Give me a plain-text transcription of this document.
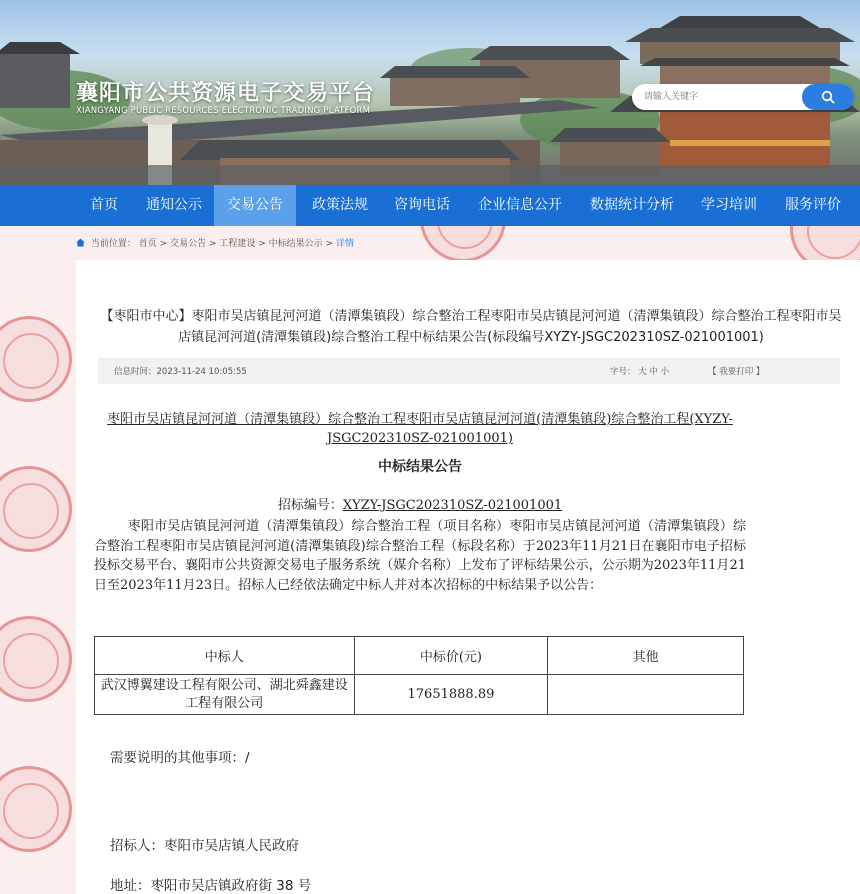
襄阳市公共资源电子交易平台
XIANGYANG PUBLIC RESOURCES ELECTRONIC TRADING PLATFORM
请输入关键字
首页	通知公示	交易公告	政策法规	咨询电话	企业信息公开	数据统计分析	学习培训	服务评价
当前位置： 首页 > 交易公告 > 工程建设 > 中标结果公示 > 详情
【枣阳市中心】枣阳市吴店镇昆河河道（清潭集镇段）综合整治工程枣阳市吴店镇昆河河道（清潭集镇段）综合整治工程枣阳市吴店镇昆河河道(清潭集镇段)综合整治工程中标结果公告(标段编号XYZY-JSGC202310SZ-021001001)
信息时间：2023-11-24 10:05:55	字号： 大 中 小	【 我要打印 】
枣阳市吴店镇昆河河道（清潭集镇段）综合整治工程枣阳市吴店镇昆河河道(清潭集镇段)综合整治工程(XYZY-JSGC202310SZ-021001001)
中标结果公告
招标编号：XYZY-JSGC202310SZ-021001001
枣阳市吴店镇昆河河道（清潭集镇段）综合整治工程（项目名称）枣阳市吴店镇昆河河道（清潭集镇段）综合整治工程枣阳市吴店镇昆河河道(清潭集镇段)综合整治工程（标段名称）于2023年11月21日在襄阳市电子招标投标交易平台、襄阳市公共资源交易电子服务系统（媒介名称）上发布了评标结果公示，公示期为2023年11月21日至2023年11月23日。招标人已经依法确定中标人并对本次招标的中标结果予以公告：
中标人	中标价(元)	其他
武汉博翼建设工程有限公司、湖北舜鑫建设工程有限公司	17651888.89	
需要说明的其他事项：/
招标人：枣阳市吴店镇人民政府
地址：枣阳市吴店镇政府街 38 号
